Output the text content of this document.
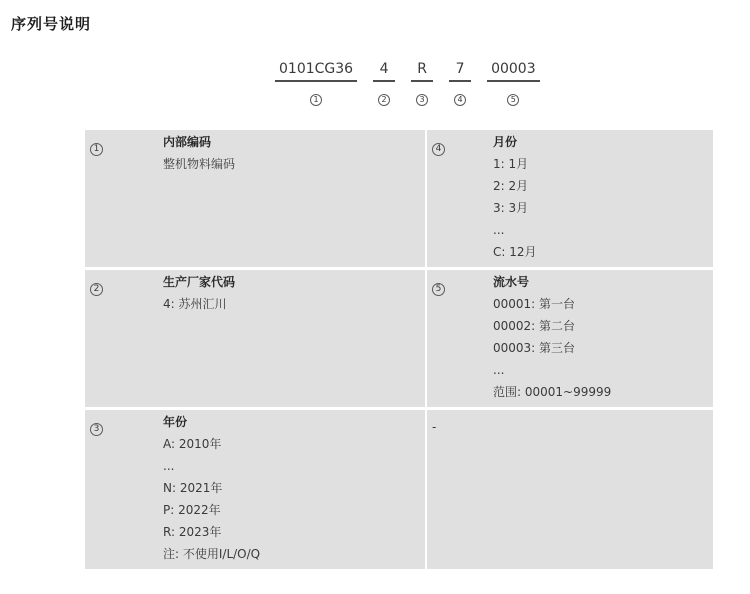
序列号说明
0101CG36
1
4
2
R
3
7
4
00003
5
1	内部编码
整机物料编码
4	月份
1: 1月
2: 2月
3: 3月
...
C: 12月
2	生产厂家代码
4: 苏州汇川
5	流水号
00001: 第一台
00002: 第二台
00003: 第三台
...
范围: 00001~99999
3	年份
A: 2010年
...
N: 2021年
P: 2022年
R: 2023年
注: 不使用I/L/O/Q
-
